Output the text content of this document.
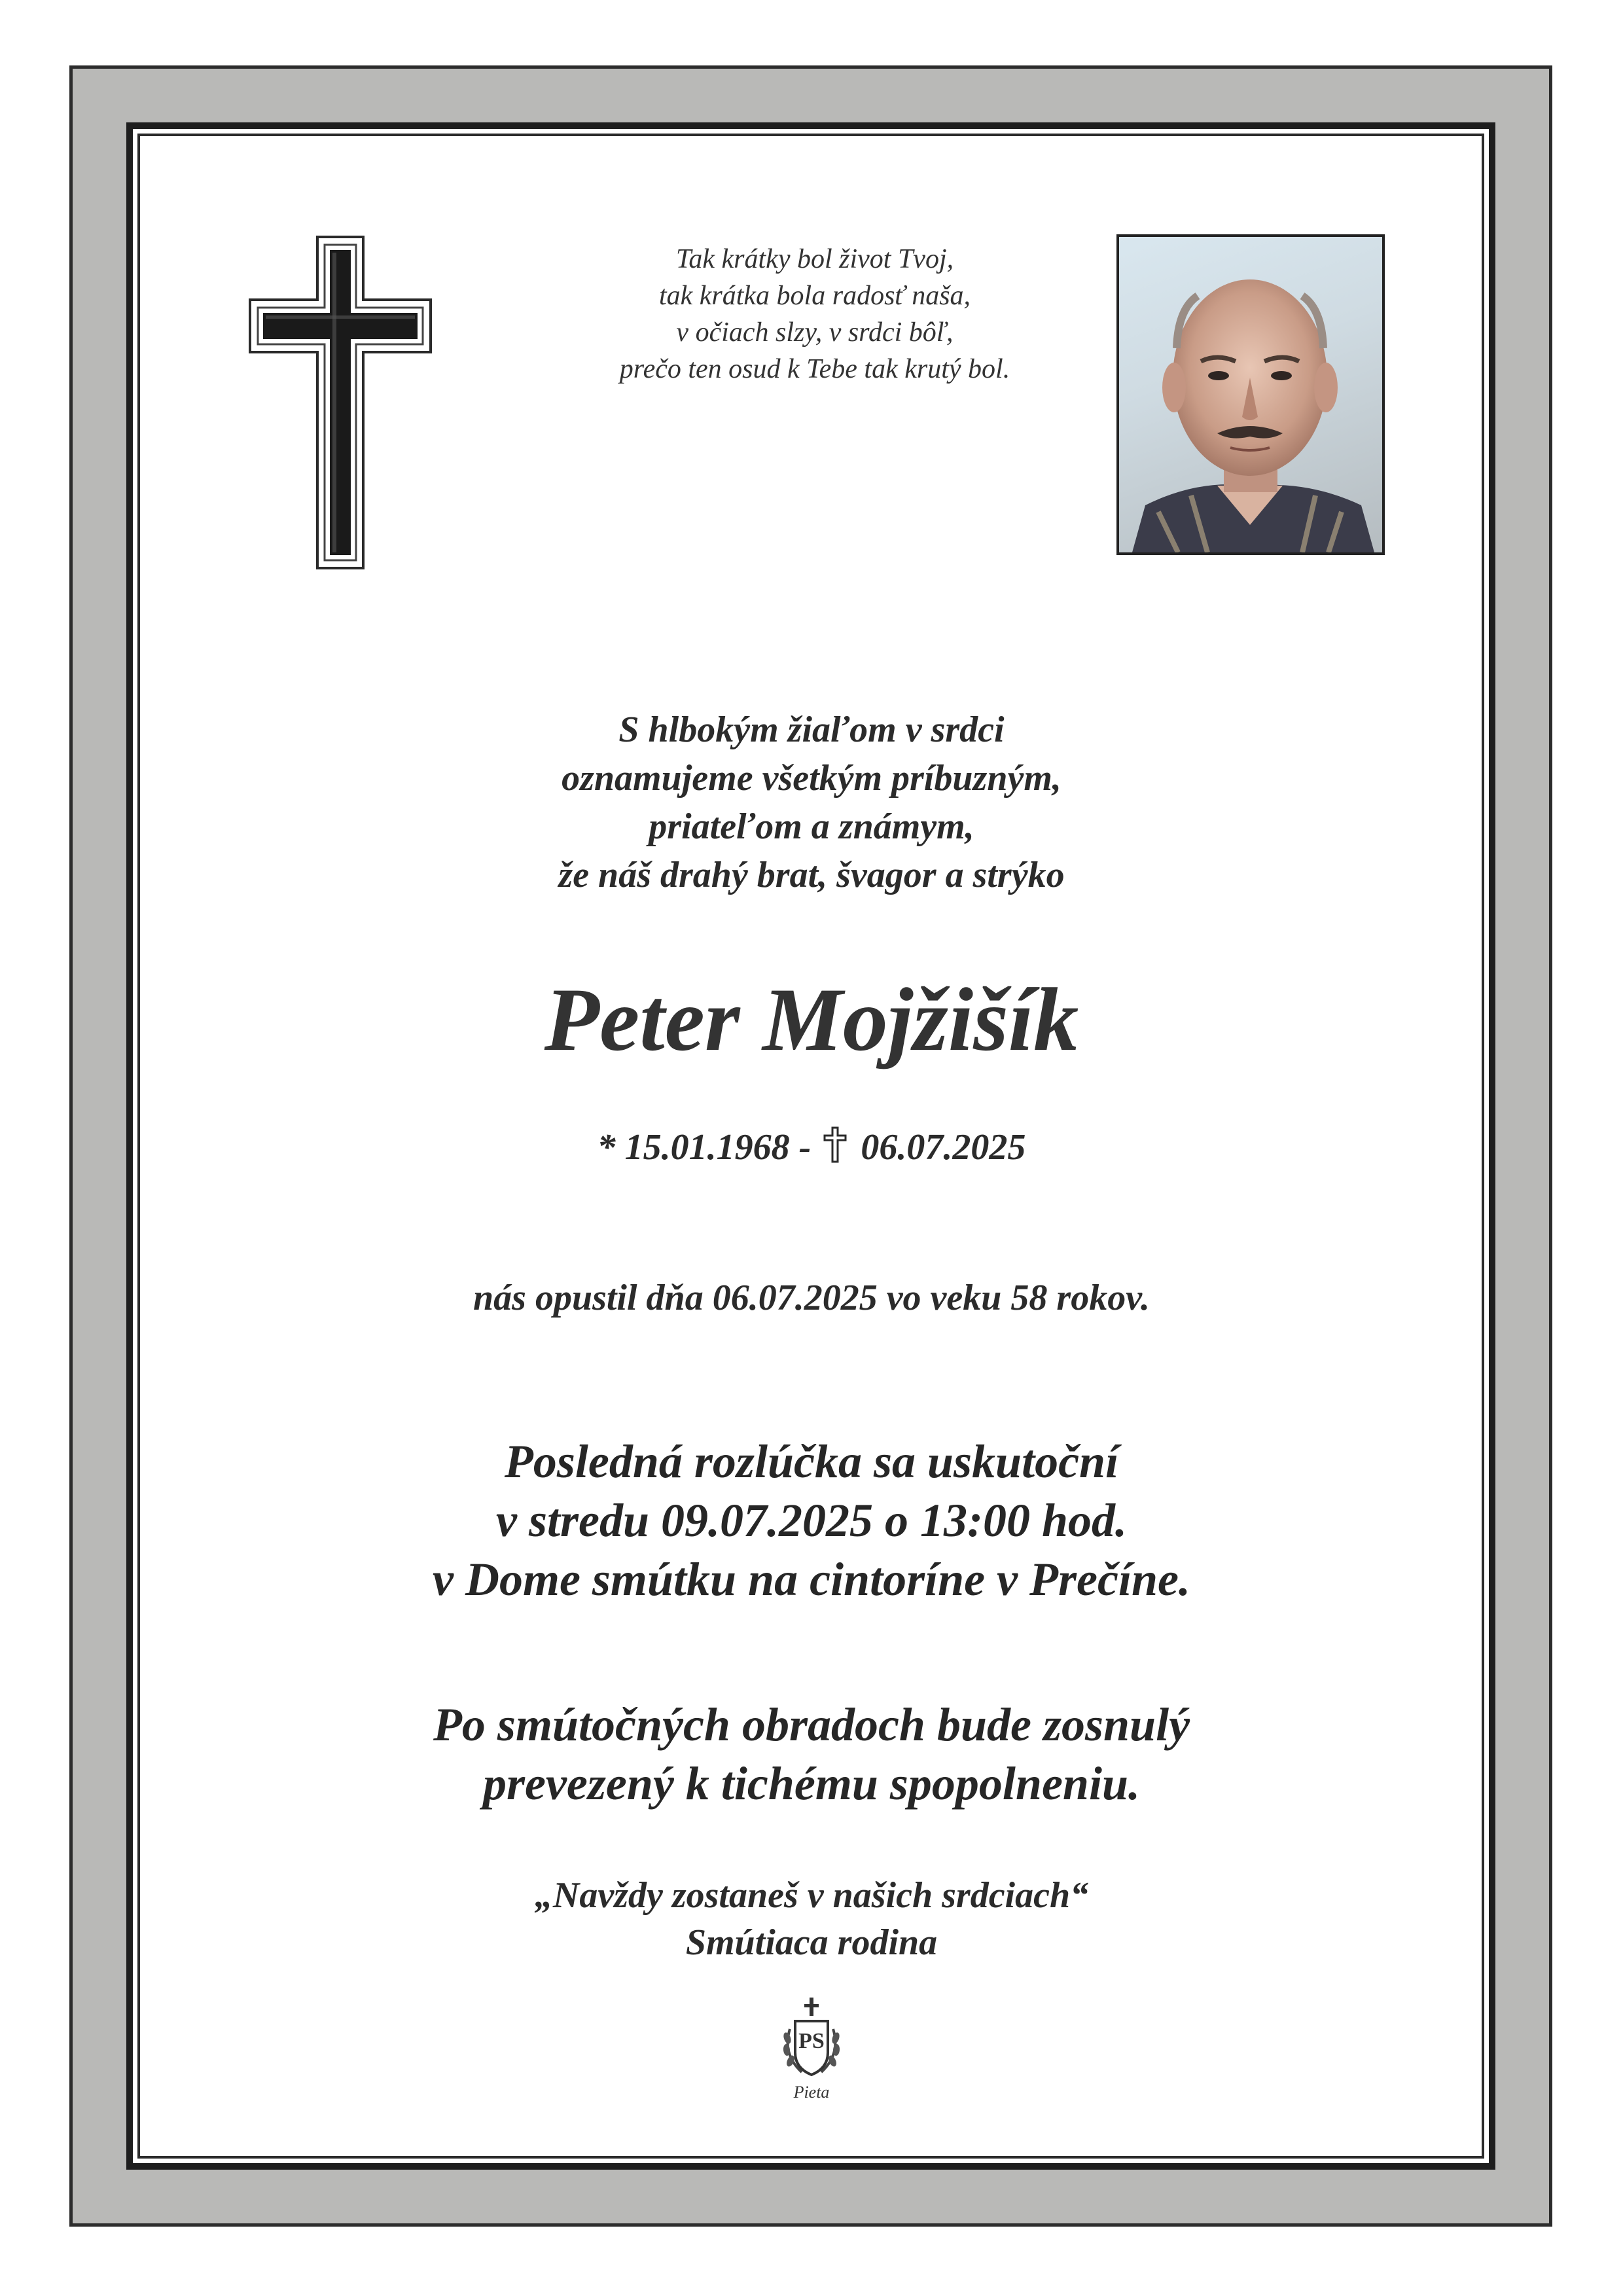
Tak krátky bol život Tvoj,
tak krátka bola radosť naša,
v očiach slzy, v srdci bôľ,
prečo ten osud k Tebe tak krutý bol.
S hlbokým žiaľom v srdci
oznamujeme všetkým príbuzným,
priateľom a známym,
že náš drahý brat, švagor a strýko
Peter Mojžišík
* 15.01.1968 - 06.07.2025
nás opustil dňa 06.07.2025 vo veku 58 rokov.
Posledná rozlúčka sa uskutoční
v stredu 09.07.2025 o 13:00 hod.
v Dome smútku na cintoríne v Prečíne.
Po smútočných obradoch bude zosnulý
prevezený k tichému spopolneniu.
„Navždy zostaneš v našich srdciach“
Smútiaca rodina
PS
Pieta
